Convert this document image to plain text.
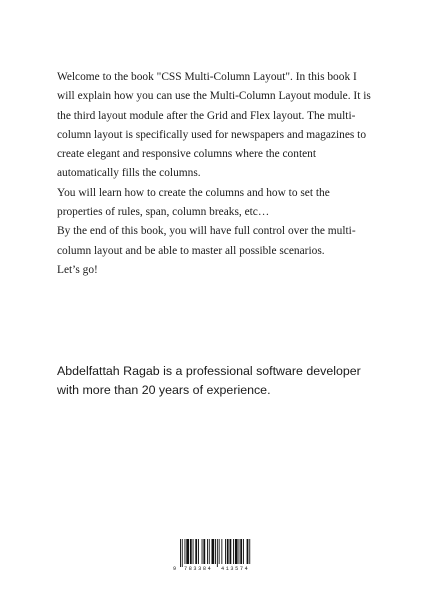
Welcome to the book "CSS Multi-Column Layout". In this book I will explain how you can use the Multi-Column Layout module. It is the third layout module after the Grid and Flex layout. The multi-column layout is specifically used for newspapers and magazines to create elegant and responsive columns where the content automatically fills the columns.

You will learn how to create the columns and how to set the properties of rules, span, column breaks, etc…

By the end of this book, you will have full control over the multi-column layout and be able to master all possible scenarios.

Let’s go!

Abdelfattah Ragab is a professional software developer with more than 20 years of experience.

9 783384 413574
